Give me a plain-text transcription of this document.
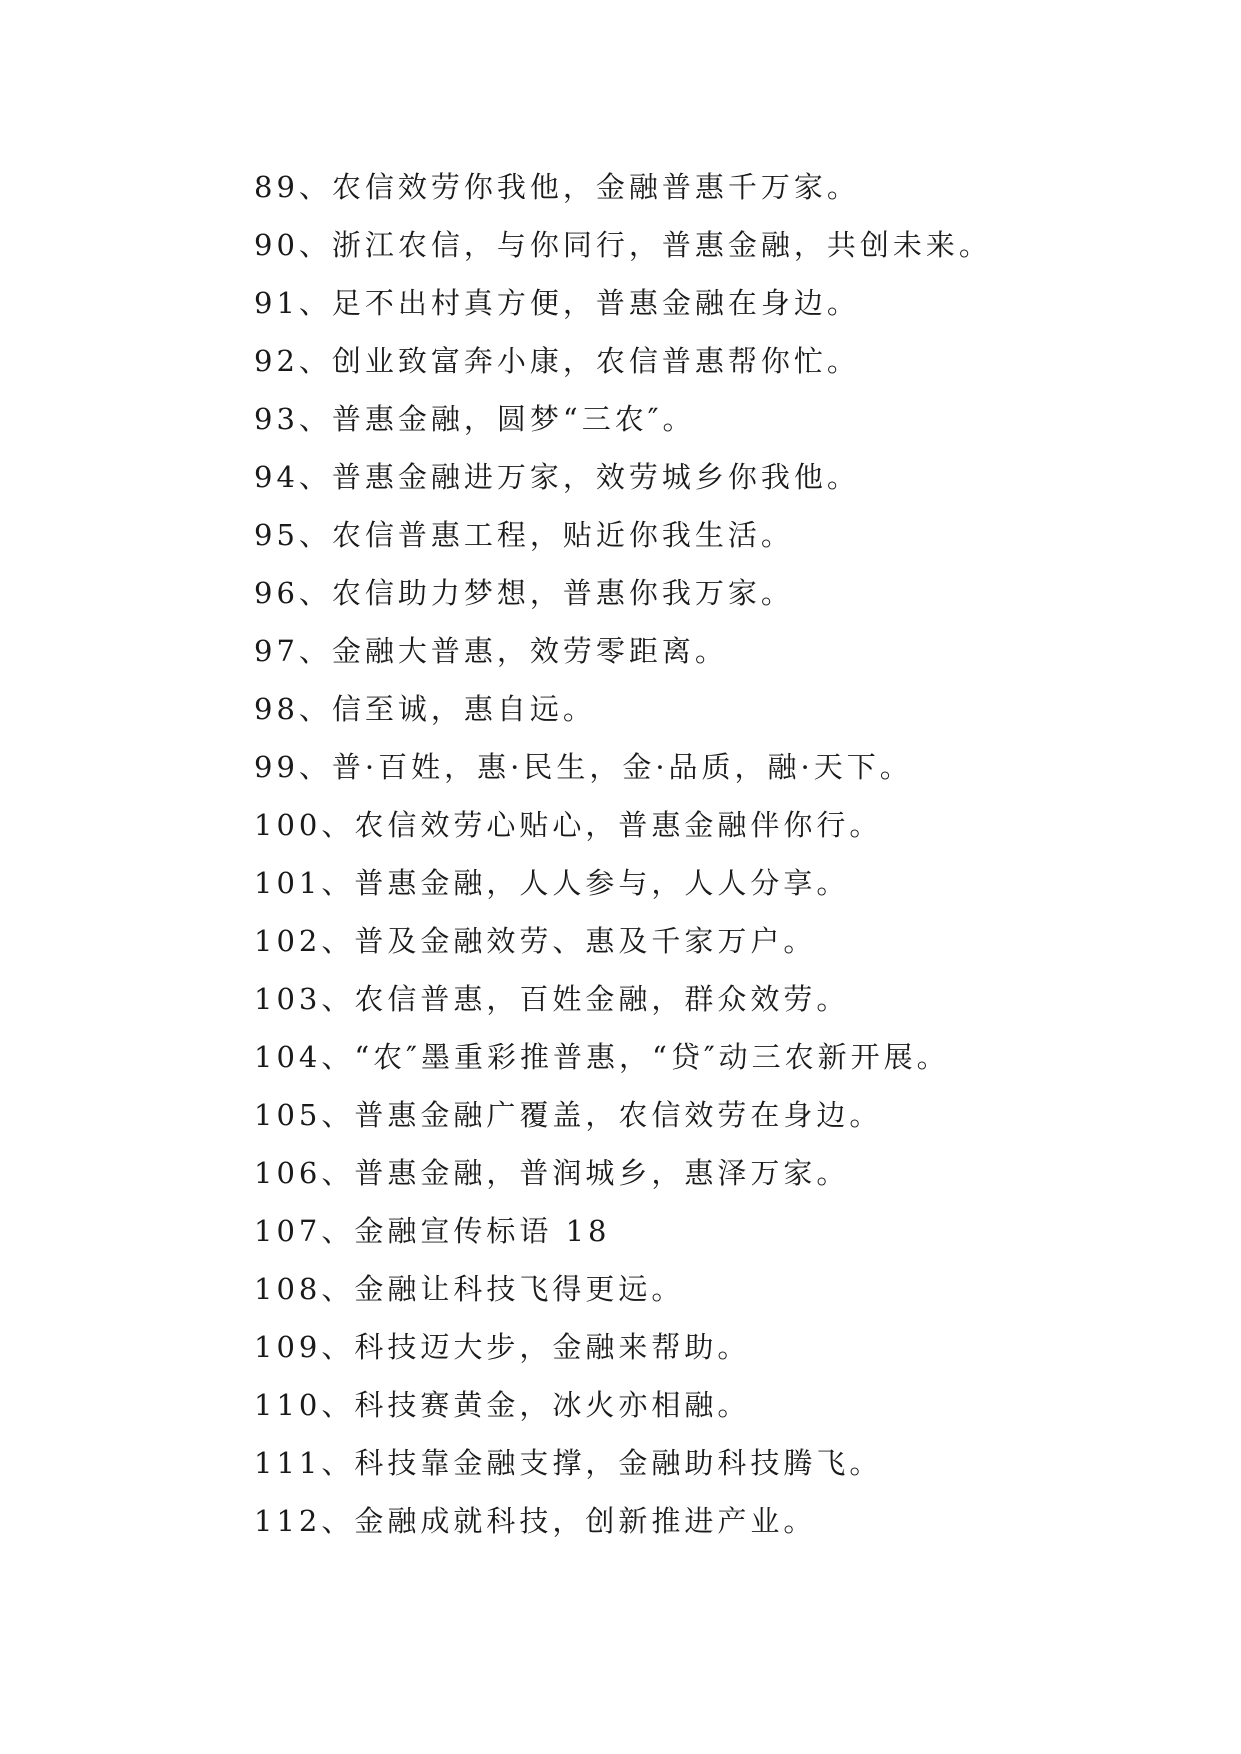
89、农信效劳你我他，金融普惠千万家。
90、浙江农信，与你同行，普惠金融，共创未来。
91、足不出村真方便，普惠金融在身边。
92、创业致富奔小康，农信普惠帮你忙。
93、普惠金融，圆梦“三农″。
94、普惠金融进万家，效劳城乡你我他。
95、农信普惠工程，贴近你我生活。
96、农信助力梦想，普惠你我万家。
97、金融大普惠，效劳零距离。
98、信至诚，惠自远。
99、普·百姓，惠·民生，金·品质，融·天下。
100、农信效劳心贴心，普惠金融伴你行。
101、普惠金融，人人参与，人人分享。
102、普及金融效劳、惠及千家万户。
103、农信普惠，百姓金融，群众效劳。
104、“农″墨重彩推普惠，“贷″动三农新开展。
105、普惠金融广覆盖，农信效劳在身边。
106、普惠金融，普润城乡，惠泽万家。
107、金融宣传标语 18
108、金融让科技飞得更远。
109、科技迈大步，金融来帮助。
110、科技赛黄金，冰火亦相融。
111、科技靠金融支撑，金融助科技腾飞。
112、金融成就科技，创新推进产业。
